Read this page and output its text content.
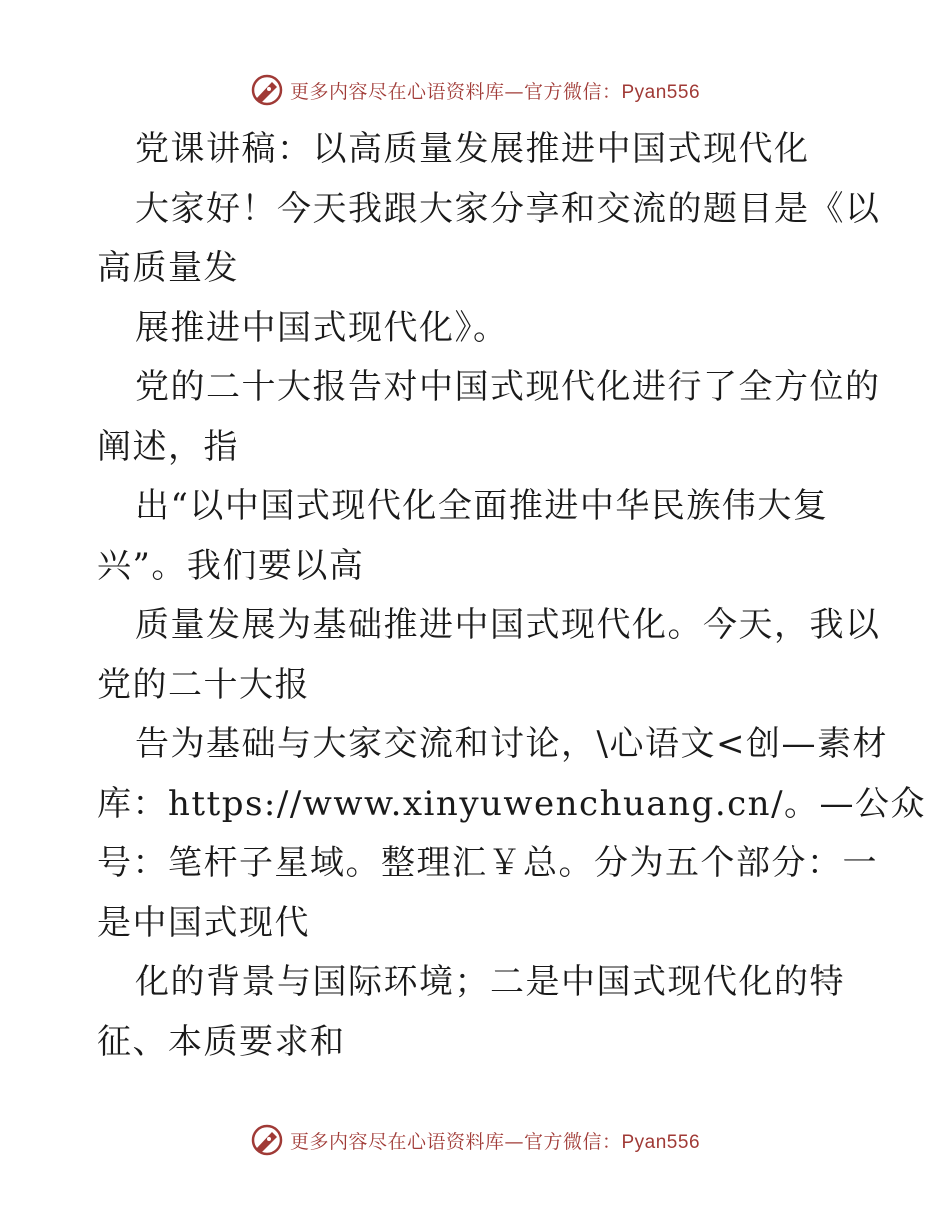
更多内容尽在心语资料库—官方微信：Pyan556
党课讲稿：以高质量发展推进中国式现代化
大家好！今天我跟大家分享和交流的题目是《以
高质量发
展推进中国式现代化》。
党的二十大报告对中国式现代化进行了全方位的
阐述，指
出“以中国式现代化全面推进中华民族伟大复
兴”。我们要以高
质量发展为基础推进中国式现代化。今天，我以
党的二十大报
告为基础与大家交流和讨论，\心语文<创—素材
库：https://www.xinyuwenchuang.cn/。—公众
号：笔杆子星域。整理汇￥总。分为五个部分：一
是中国式现代
化的背景与国际环境；二是中国式现代化的特
征、本质要求和
更多内容尽在心语资料库—官方微信：Pyan556
